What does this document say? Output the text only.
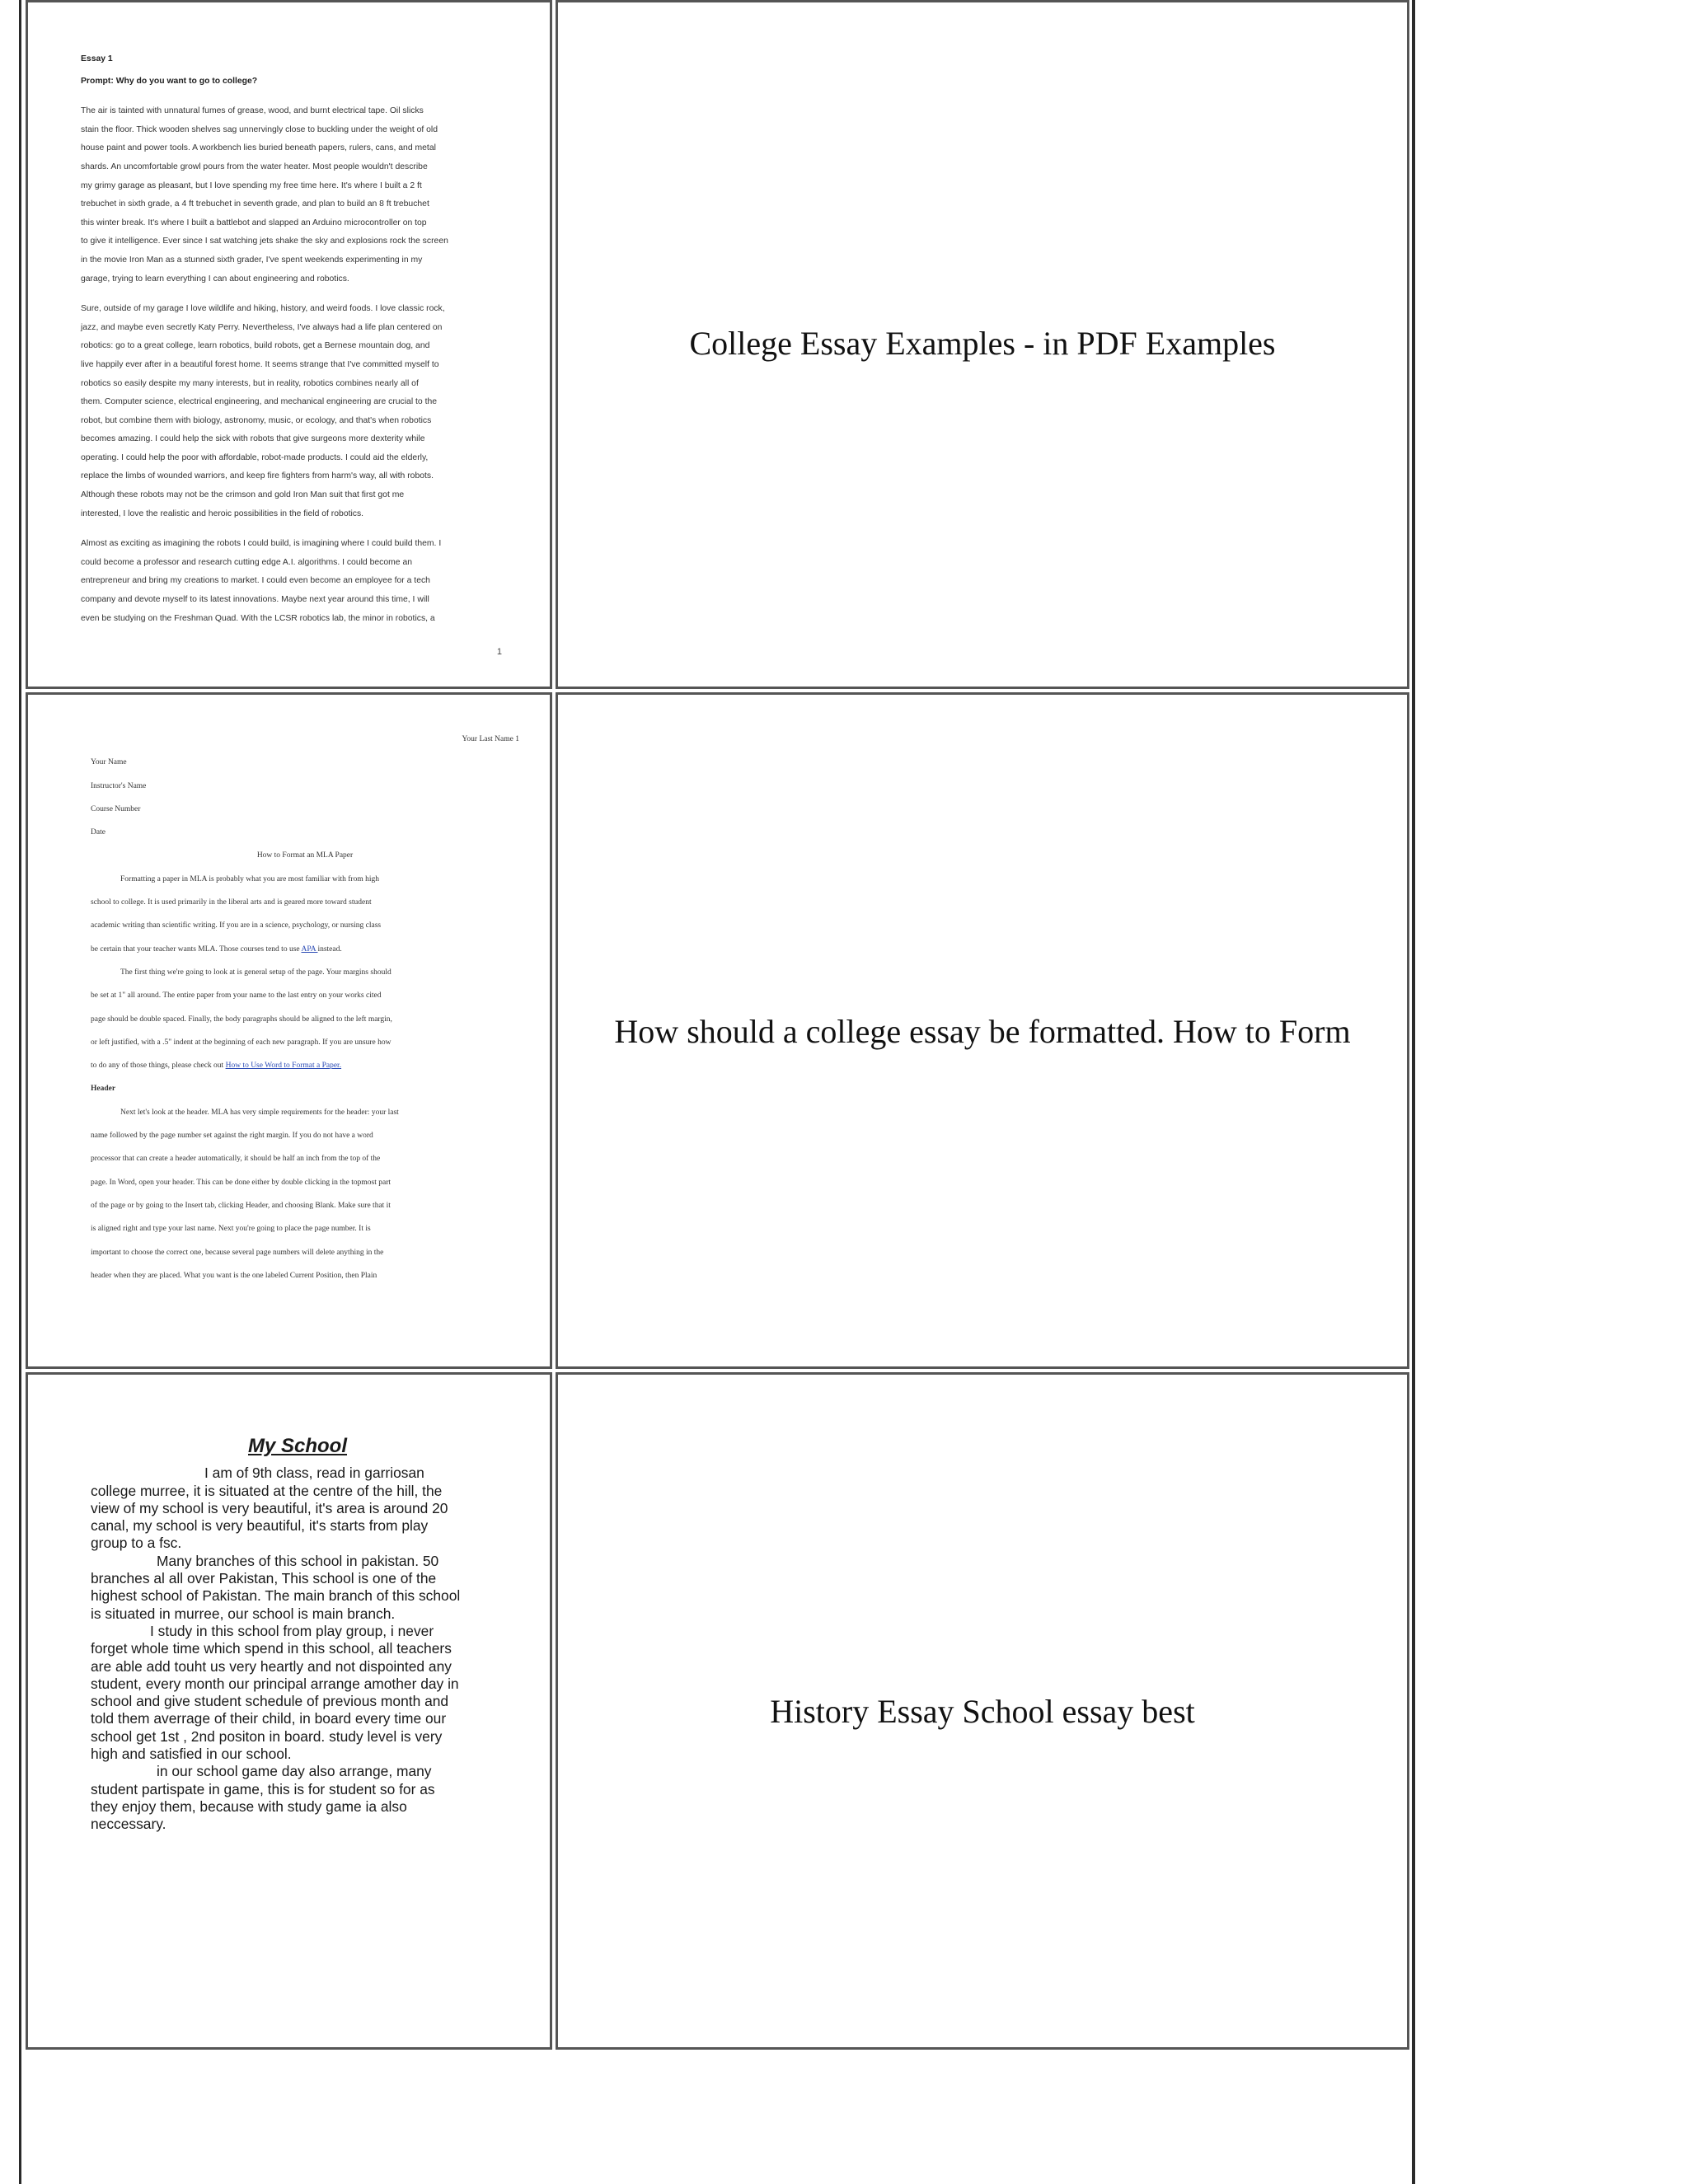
Essay 1

Prompt: Why do you want to go to college?

The air is tainted with unnatural fumes of grease, wood, and burnt electrical tape. Oil slicks
stain the floor. Thick wooden shelves sag unnervingly close to buckling under the weight of old
house paint and power tools. A workbench lies buried beneath papers, rulers, cans, and metal
shards. An uncomfortable growl pours from the water heater. Most people wouldn't describe
my grimy garage as pleasant, but I love spending my free time here. It's where I built a 2 ft
trebuchet in sixth grade, a 4 ft trebuchet in seventh grade, and plan to build an 8 ft trebuchet
this winter break. It's where I built a battlebot and slapped an Arduino microcontroller on top
to give it intelligence. Ever since I sat watching jets shake the sky and explosions rock the screen
in the movie Iron Man as a stunned sixth grader, I've spent weekends experimenting in my
garage, trying to learn everything I can about engineering and robotics.
Sure, outside of my garage I love wildlife and hiking, history, and weird foods. I love classic rock,
jazz, and maybe even secretly Katy Perry. Nevertheless, I've always had a life plan centered on
robotics: go to a great college, learn robotics, build robots, get a Bernese mountain dog, and
live happily ever after in a beautiful forest home. It seems strange that I've committed myself to
robotics so easily despite my many interests, but in reality, robotics combines nearly all of
them. Computer science, electrical engineering, and mechanical engineering are crucial to the
robot, but combine them with biology, astronomy, music, or ecology, and that's when robotics
becomes amazing. I could help the sick with robots that give surgeons more dexterity while
operating. I could help the poor with affordable, robot-made products. I could aid the elderly,
replace the limbs of wounded warriors, and keep fire fighters from harm's way, all with robots.
Although these robots may not be the crimson and gold Iron Man suit that first got me
interested, I love the realistic and heroic possibilities in the field of robotics.
Almost as exciting as imagining the robots I could build, is imagining where I could build them. I
could become a professor and research cutting edge A.I. algorithms. I could become an
entrepreneur and bring my creations to market. I could even become an employee for a tech
company and devote myself to its latest innovations. Maybe next year around this time, I will
even be studying on the Freshman Quad. With the LCSR robotics lab, the minor in robotics, a
1
College Essay Examples - in PDF Examples
Your Last Name 1
Your Name
Instructor's Name
Course Number
Date
How to Format an MLA Paper
Formatting a paper in MLA is probably what you are most familiar with from high
school to college. It is used primarily in the liberal arts and is geared more toward student
academic writing than scientific writing. If you are in a science, psychology, or nursing class
be certain that your teacher wants MLA. Those courses tend to use APA instead.
The first thing we're going to look at is general setup of the page. Your margins should
be set at 1" all around. The entire paper from your name to the last entry on your works cited
page should be double spaced. Finally, the body paragraphs should be aligned to the left margin,
or left justified, with a .5" indent at the beginning of each new paragraph. If you are unsure how
to do any of those things, please check out How to Use Word to Format a Paper.
Header
Next let's look at the header. MLA has very simple requirements for the header: your last
name followed by the page number set against the right margin. If you do not have a word
processor that can create a header automatically, it should be half an inch from the top of the
page. In Word, open your header. This can be done either by double clicking in the topmost part
of the page or by going to the Insert tab, clicking Header, and choosing Blank. Make sure that it
is aligned right and type your last name. Next you're going to place the page number. It is
important to choose the correct one, because several page numbers will delete anything in the
header when they are placed. What you want is the one labeled Current Position, then Plain
How should a college essay be formatted. How to Form
My School
I am of 9th class, read in garriosan
college murree, it is situated at the centre of the hill, the
view of my school is very beautiful, it's area is around 20
canal, my school is very beautiful, it's starts from play
group to a fsc.
Many branches of this school in pakistan. 50
branches al all over Pakistan, This school is one of the
highest school of Pakistan. The main branch of this school
is situated in murree, our school is main branch.
I study in this school from play group, i never
forget whole time which spend in this school, all teachers
are able add touht us very heartly and not dispointed any
student, every month our principal arrange amother day in
school and give student schedule of previous month and
told them averrage of their child, in board every time our
school get 1st , 2nd positon in board. study level is very
high and satisfied in our school.
in our school game day also arrange, many
student partispate in game, this is for student so for as
they enjoy them, because with study game ia also
neccessary.
History Essay School essay best
